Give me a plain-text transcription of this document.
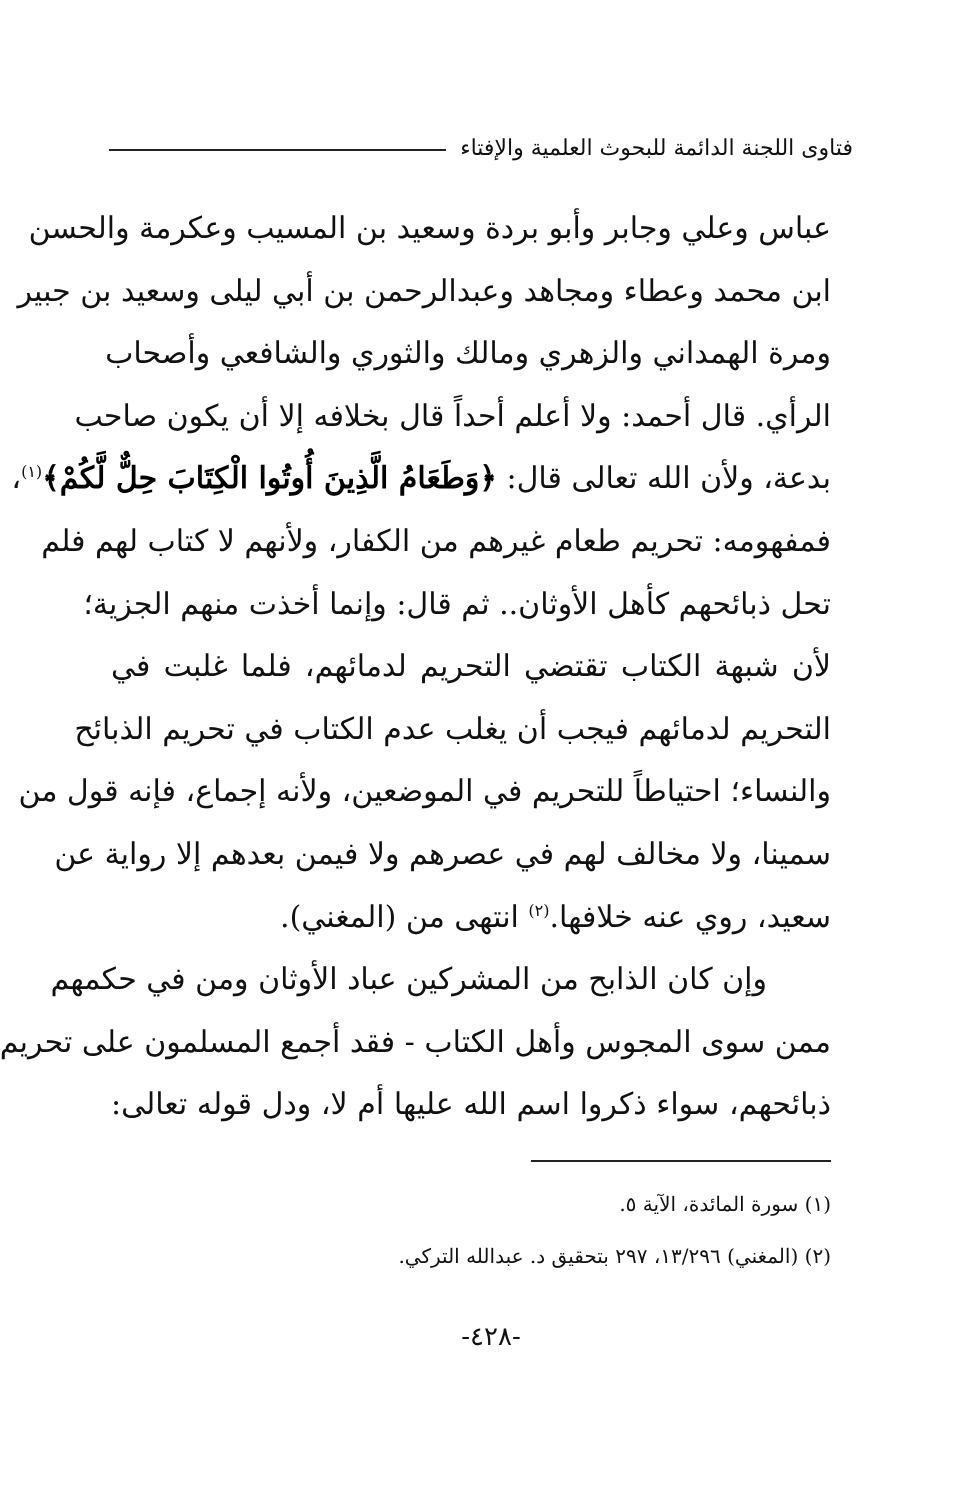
فتاوى اللجنة الدائمة للبحوث العلمية والإفتاء
عباس وعلي وجابر وأبو بردة وسعيد بن المسيب وعكرمة والحسن
ابن محمد وعطاء ومجاهد وعبدالرحمن بن أبي ليلى وسعيد بن جبير
ومرة الهمداني والزهري ومالك والثوري والشافعي وأصحاب
الرأي. قال أحمد: ولا أعلم أحداً قال بخلافه إلا أن يكون صاحب
بدعة، ولأن الله تعالى قال: ﴿وَطَعَامُ الَّذِينَ أُوتُوا الْكِتَابَ حِلٌّ لَّكُمْ﴾$^{(١)}$،
فمفهومه: تحريم طعام غيرهم من الكفار، ولأنهم لا كتاب لهم فلم
تحل ذبائحهم كأهل الأوثان.. ثم قال: وإنما أخذت منهم الجزية؛
لأن شبهة الكتاب تقتضي التحريم لدمائهم، فلما غلبت في
التحريم لدمائهم فيجب أن يغلب عدم الكتاب في تحريم الذبائح
والنساء؛ احتياطاً للتحريم في الموضعين، ولأنه إجماع، فإنه قول من
سمينا، ولا مخالف لهم في عصرهم ولا فيمن بعدهم إلا رواية عن
سعيد، روي عنه خلافها.$^{(٢)}$ انتهى من (المغني).
وإن كان الذابح من المشركين عباد الأوثان ومن في حكمهم
ممن سوى المجوس وأهل الكتاب - فقد أجمع المسلمون على تحريم
ذبائحهم، سواء ذكروا اسم الله عليها أم لا، ودل قوله تعالى:
(١) سورة المائدة، الآية ٥.
(٢) (المغني) ١٣/٢٩٦، ٢٩٧ بتحقيق د. عبدالله التركي.
-٤٢٨-
